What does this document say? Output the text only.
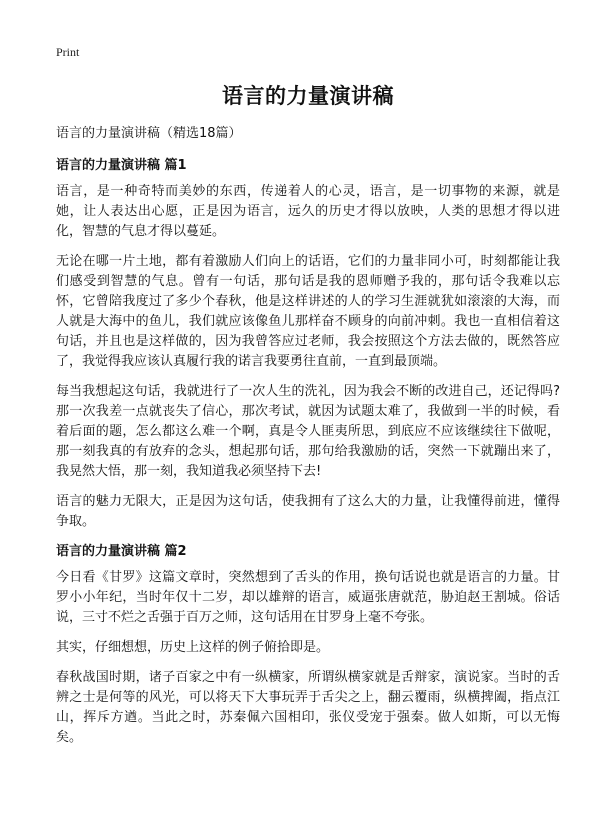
Print
语言的力量演讲稿
语言的力量演讲稿（精选18篇）
语言的力量演讲稿 篇1

语言，是一种奇特而美妙的东西，传递着人的心灵，语言，是一切事物的来源，就是她，让人表达出心愿，正是因为语言，远久的历史才得以放映，人类的思想才得以进化，智慧的气息才得以蔓延。

无论在哪一片土地，都有着激励人们向上的话语，它们的力量非同小可，时刻都能让我们感受到智慧的气息。曾有一句话，那句话是我的恩师赠予我的，那句话令我难以忘怀，它曾陪我度过了多少个春秋，他是这样讲述的人的学习生涯就犹如滚滚的大海，而人就是大海中的鱼儿，我们就应该像鱼儿那样奋不顾身的向前冲刺。我也一直相信着这句话，并且也是这样做的，因为我曾答应过老师，我会按照这个方法去做的，既然答应了，我觉得我应该认真履行我的诺言我要勇往直前，一直到最顶端。

每当我想起这句话，我就进行了一次人生的洗礼，因为我会不断的改进自己，还记得吗?那一次我差一点就丧失了信心，那次考试，就因为试题太难了，我做到一半的时候，看着后面的题，怎么都这么难一个啊，真是令人匪夷所思，到底应不应该继续往下做呢，那一刻我真的有放弃的念头，想起那句话，那句给我激励的话，突然一下就蹦出来了，我晃然大悟，那一刻，我知道我必须坚持下去!

语言的魅力无限大，正是因为这句话，使我拥有了这么大的力量，让我懂得前进，懂得争取。

语言的力量演讲稿 篇2

今日看《甘罗》这篇文章时，突然想到了舌头的作用，换句话说也就是语言的力量。甘罗小小年纪，当时年仅十二岁，却以雄辩的语言，威逼张唐就范，胁迫赵王割城。俗话说，三寸不烂之舌强于百万之师，这句话用在甘罗身上毫不夸张。

其实，仔细想想，历史上这样的例子俯拾即是。

春秋战国时期，诸子百家之中有一纵横家，所谓纵横家就是舌辩家，演说家。当时的舌辨之士是何等的风光，可以将天下大事玩弄于舌尖之上，翻云覆雨，纵横捭阖，指点江山，挥斥方遒。当此之时，苏秦佩六国相印，张仪受宠于强秦。做人如斯，可以无悔矣。
